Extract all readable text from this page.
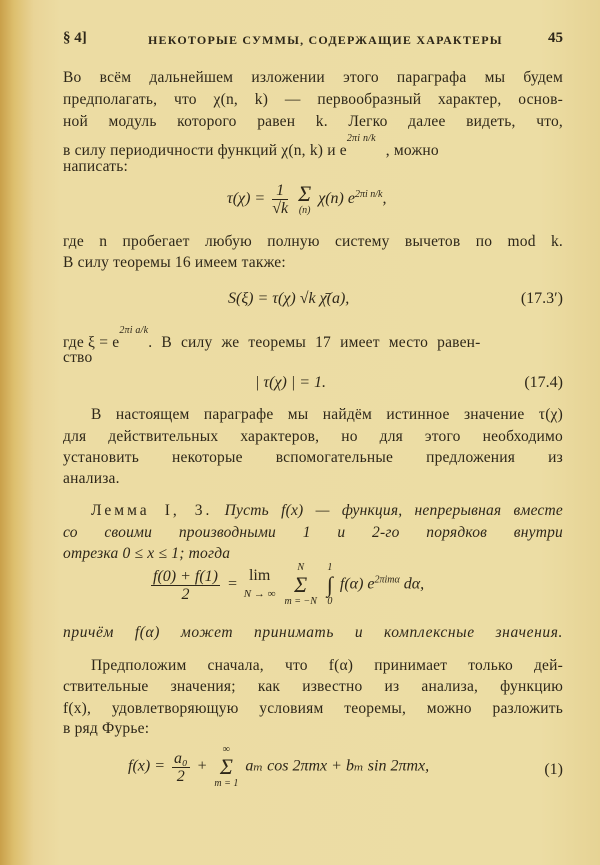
§ 4]	НЕКОТОРЫЕ СУММЫ, СОДЕРЖАЩИЕ ХАРАКТЕРЫ	45
Во всём дальнейшем изложении этого параграфа мы будем
предполагать, что χ(n, k) — первообразный характер, основ-
ной модуль которого равен k. Легко далее видеть, что,
в силу периодичности функций χ(n, k) и $e^{2\pi i n/k}$, можно
написать:
$\tau(\chi) = \frac{1}{√k}$
Σ
(n)
χ(n) $e^{2\pi i n/k}$,
где n пробегает любую полную систему вычетов по mod k.
В силу теоремы 16 имеем также:
S(ξ) = τ(χ) √k χ̄(a),	(17.3′)
где $\xi = e^{2\pi i a/k}$. В силу же теоремы 17 имеет место равен-
ство
| τ(χ) | = 1.	(17.4)
В настоящем параграфе мы найдём истинное значение τ(χ)
для действительных характеров, но для этого необходимо
установить некоторые вспомогательные предложения из
анализа.
Лемма I, 3. Пусть f(x) — функция, непрерывная вместе
со своими производными 1 и 2-го порядков внутри
отрезка 0 ≤ x ≤ 1; тогда
$\frac{f(0) + f(1)}{2}$ =
lim
N → ∞

N
Σ
m = −N

1
∫
0
f(α) $e^{2\pi im\alpha}$ dα,
причём f(α) может принимать и комплексные значения.
Предположим сначала, что f(α) принимает только дей-
ствительные значения; как известно из анализа, функцию
f(x), удовлетворяющую условиям теоремы, можно разложить
в ряд Фурье:
$f(x) = \frac{\text{a₀}}{2}$ +
∞
Σ
m = 1
aₘ cos 2πmx + bₘ sin 2πmx,	(1)
